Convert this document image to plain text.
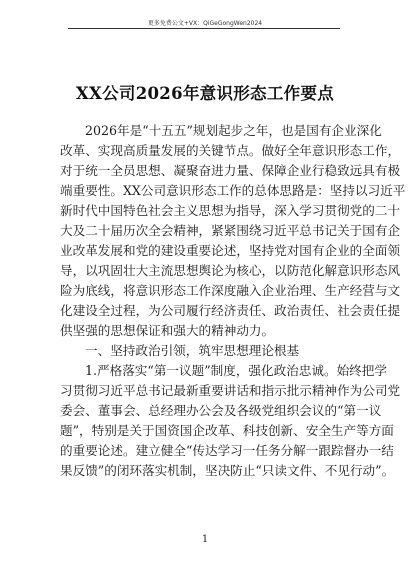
更多免费公文+VX：QiGeGongWen2024
XX公司2026年意识形态工作要点
2026年是“十五五”规划起步之年，也是国有企业深化
改革、实现高质量发展的关键节点。做好全年意识形态工作，
对于统一全员思想、凝聚奋进力量、保障企业行稳致远具有极
端重要性。XX公司意识形态工作的总体思路是：坚持以习近平
新时代中国特色社会主义思想为指导，深入学习贯彻党的二十
大及二十届历次全会精神，紧紧围绕习近平总书记关于国有企
业改革发展和党的建设重要论述，坚持党对国有企业的全面领
导，以巩固壮大主流思想舆论为核心，以防范化解意识形态风
险为底线，将意识形态工作深度融入企业治理、生产经营与文
化建设全过程，为公司履行经济责任、政治责任、社会责任提
供坚强的思想保证和强大的精神动力。
一、坚持政治引领，筑牢思想理论根基
1.严格落实“第一议题”制度，强化政治忠诚。始终把学
习贯彻习近平总书记最新重要讲话和指示批示精神作为公司党
委会、董事会、总经理办公会及各级党组织会议的“第一议
题”，特别是关于国资国企改革、科技创新、安全生产等方面
的重要论述。建立健全“传达学习一任务分解一跟踪督办一结
果反馈”的闭环落实机制，坚决防止“只读文件、不见行动”。
1
